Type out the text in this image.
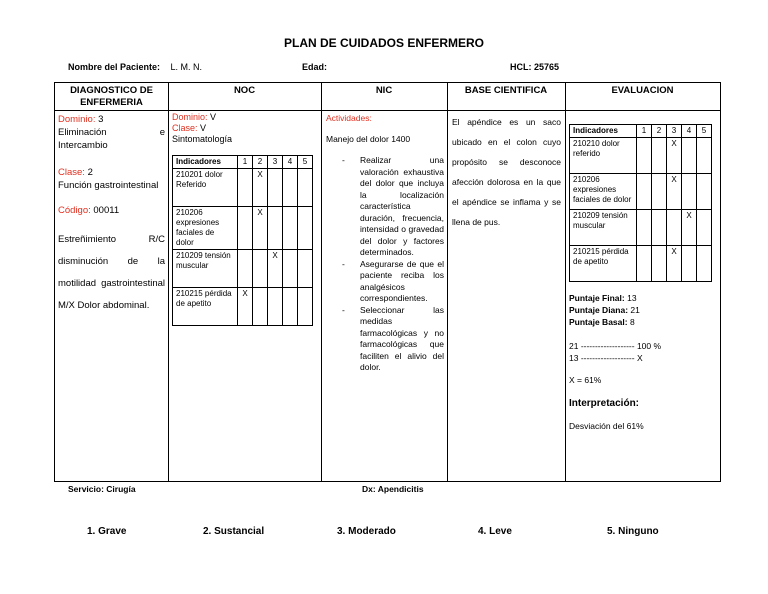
PLAN DE CUIDADOS ENFERMERO
Nombre del Paciente: L. M. N.	Edad:	HCL: 25765
DIAGNOSTICO DE ENFERMERIA
NOC	NIC	BASE CIENTIFICA	EVALUACION
Dominio: 3
Eliminación e Intercambio
Clase: 2
Función gastrointestinal
Código: 00011
Estreñimiento R/C disminución de la motilidad gastrointestinal M/X Dolor abdominal.
Dominio: V
Clase: V
Sintomatología
Indicadores	1	2	3	4	5
210201 dolor Referido		X			
210206 expresiones faciales de dolor		X			
210209 tensión muscular			X		
210215 pérdida de apetito	X				
Actividades:
Manejo del dolor 1400
- Realizar una valoración exhaustiva del dolor que incluya la localización característica duración, frecuencia, intensidad o gravedad del dolor y factores determinados.
- Asegurarse de que el paciente reciba los analgésicos correspondientes.
- Seleccionar las medidas farmacológicas y no farmacológicas que faciliten el alivio del dolor.
El apéndice es un saco ubicado en el colon cuyo propósito se desconoce afección dolorosa en la que el apéndice se inflama y se llena de pus.
Indicadores	1	2	3	4	5
210210 dolor referido			X		
210206 expresiones faciales de dolor			X		
210209 tensión muscular				X	
210215 pérdida de apetito			X		
Puntaje Final: 13
Puntaje Diana: 21
Puntaje Basal: 8
21 ------------------- 100 %
13 ------------------- X
X = 61%
Interpretación:
Desviación del 61%
Servicio: Cirugía	Dx: Apendicitis
1. Grave	2. Sustancial	3. Moderado	4. Leve	5. Ninguno
